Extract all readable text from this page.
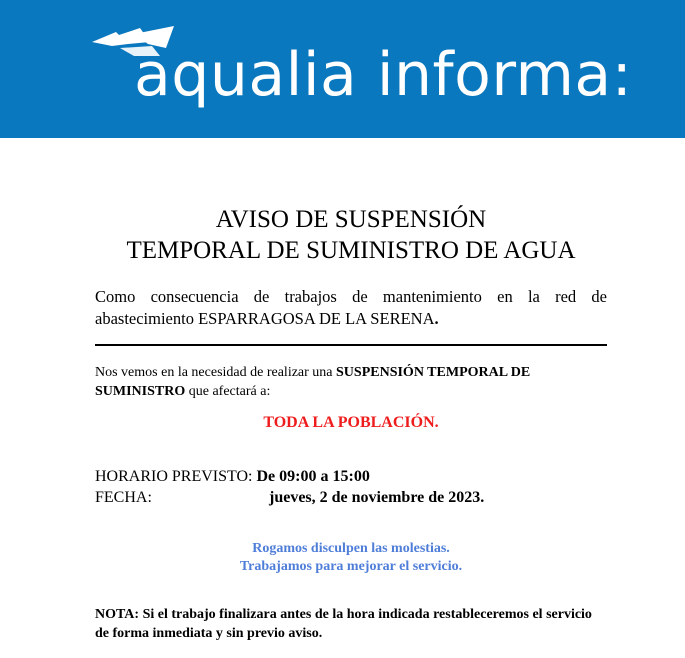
aqualia informa:
AVISO DE SUSPENSIÓN
TEMPORAL DE SUMINISTRO DE AGUA
Como consecuencia de trabajos de mantenimiento en la red de abastecimiento ESPARRAGOSA DE LA SERENA.
Nos vemos en la necesidad de realizar una SUSPENSIÓN TEMPORAL DE SUMINISTRO que afectará a:
TODA LA POBLACIÓN.
HORARIO PREVISTO: De 09:00 a 15:00
FECHA:	jueves, 2 de noviembre de 2023.
Rogamos disculpen las molestias.
Trabajamos para mejorar el servicio.
NOTA: Si el trabajo finalizara antes de la hora indicada restableceremos el servicio de forma inmediata y sin previo aviso.
